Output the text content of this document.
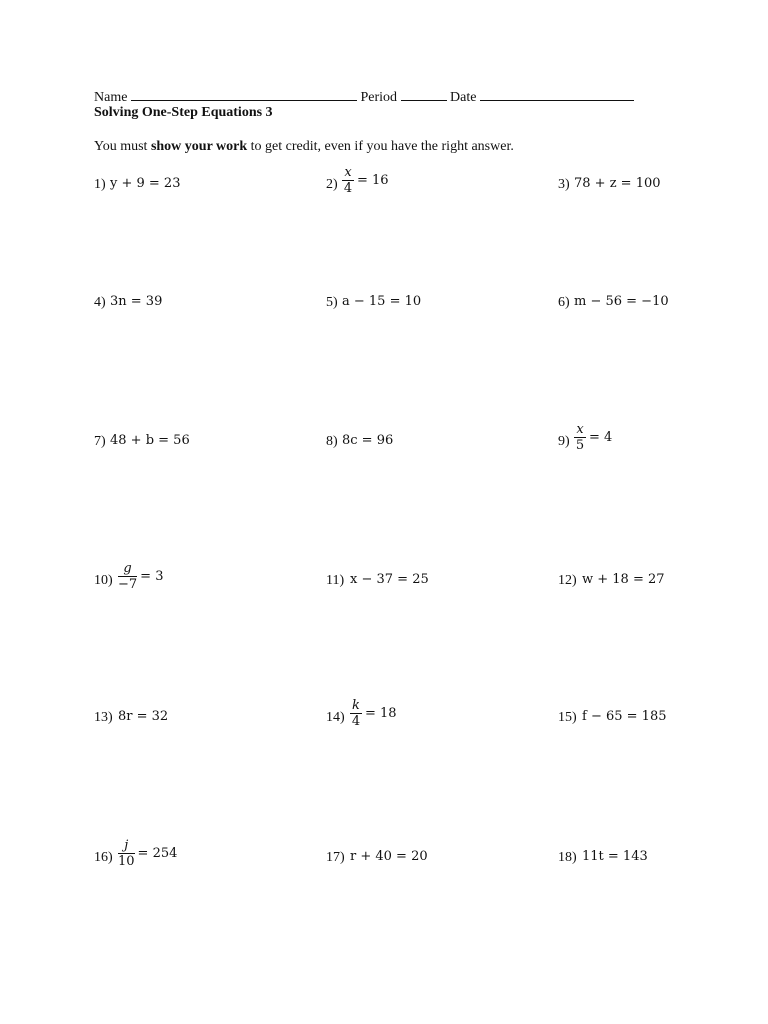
Name	Period	Date
Solving One-Step Equations 3
You must show your work to get credit, even if you have the right answer.
1) y + 9 = 23	2)
x
4
= 16	3) 78 + z = 100
4) 3n = 39	5) a − 15 = 10	6) m − 56 = −10
7) 48 + b = 56	8) 8c = 96	9)
x
5
= 4
10)
g
−7
= 3	11) x − 37 = 25	12) w + 18 = 27
13) 8r = 32	14)
k
4
= 18	15) f − 65 = 185
16)
j
10
= 254	17) r + 40 = 20	18) 11t = 143
